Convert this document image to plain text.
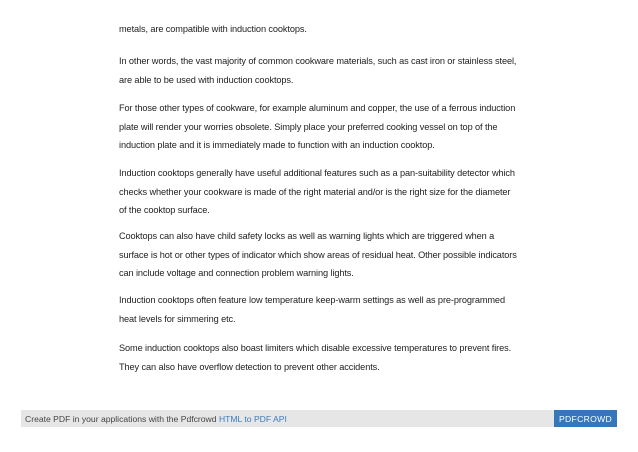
metals, are compatible with induction cooktops.

In other words, the vast majority of common cookware materials, such as cast iron or stainless steel, are able to be used with induction cooktops.

For those other types of cookware, for example aluminum and copper, the use of a ferrous induction plate will render your worries obsolete. Simply place your preferred cooking vessel on top of the induction plate and it is immediately made to function with an induction cooktop.

Induction cooktops generally have useful additional features such as a pan-suitability detector which checks whether your cookware is made of the right material and/or is the right size for the diameter of the cooktop surface.

Cooktops can also have child safety locks as well as warning lights which are triggered when a surface is hot or other types of indicator which show areas of residual heat. Other possible indicators can include voltage and connection problem warning lights.

Induction cooktops often feature low temperature keep-warm settings as well as pre-programmed heat levels for simmering etc.

Some induction cooktops also boast limiters which disable excessive temperatures to prevent fires. They can also have overflow detection to prevent other accidents.

Create PDF in your applications with the Pdfcrowd HTML to PDF API	PDFCROWD
